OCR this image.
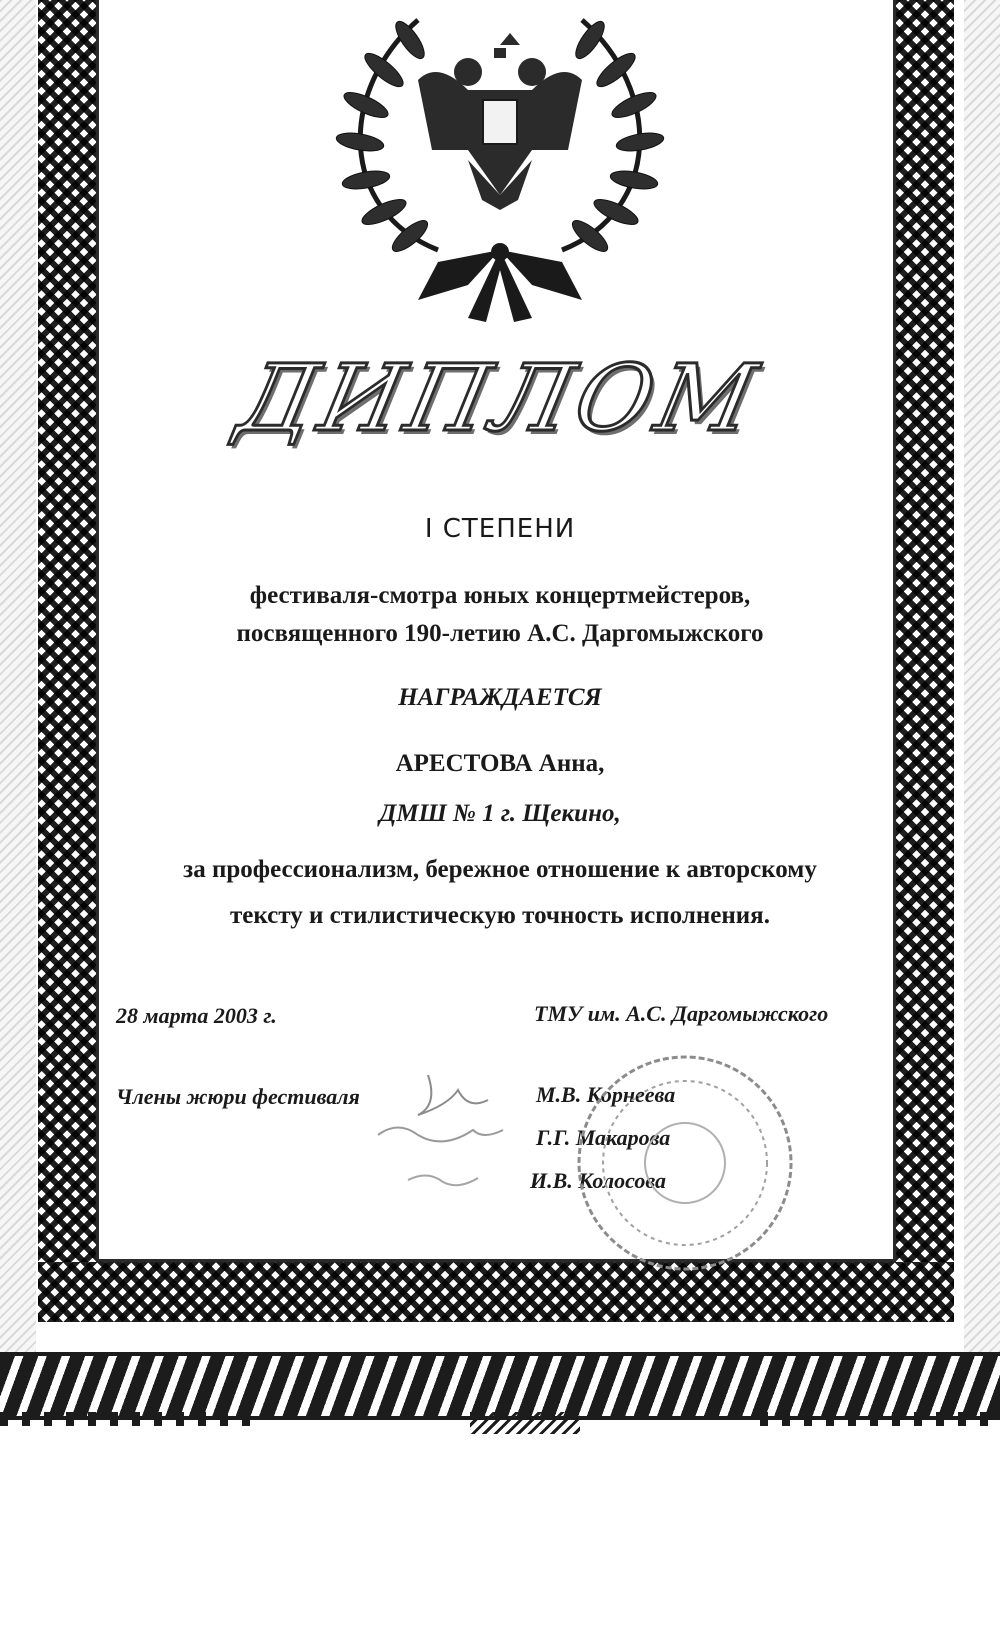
ДИПЛОМ
I СТЕПЕНИ
фестиваля-смотра юных концертмейстеров,
посвященного 190-летию А.С. Даргомыжского
НАГРАЖДАЕТСЯ
АРЕСТОВА Анна,
ДМШ № 1 г. Щекино,
за профессионализм, бережное отношение к авторскому
тексту и стилистическую точность исполнения.
28 марта 2003 г.	ТМУ им. А.С. Даргомыжского
Члены жюри фестиваля	М.В. Корнеева
Г.Г. Макарова
И.В. Колосова
